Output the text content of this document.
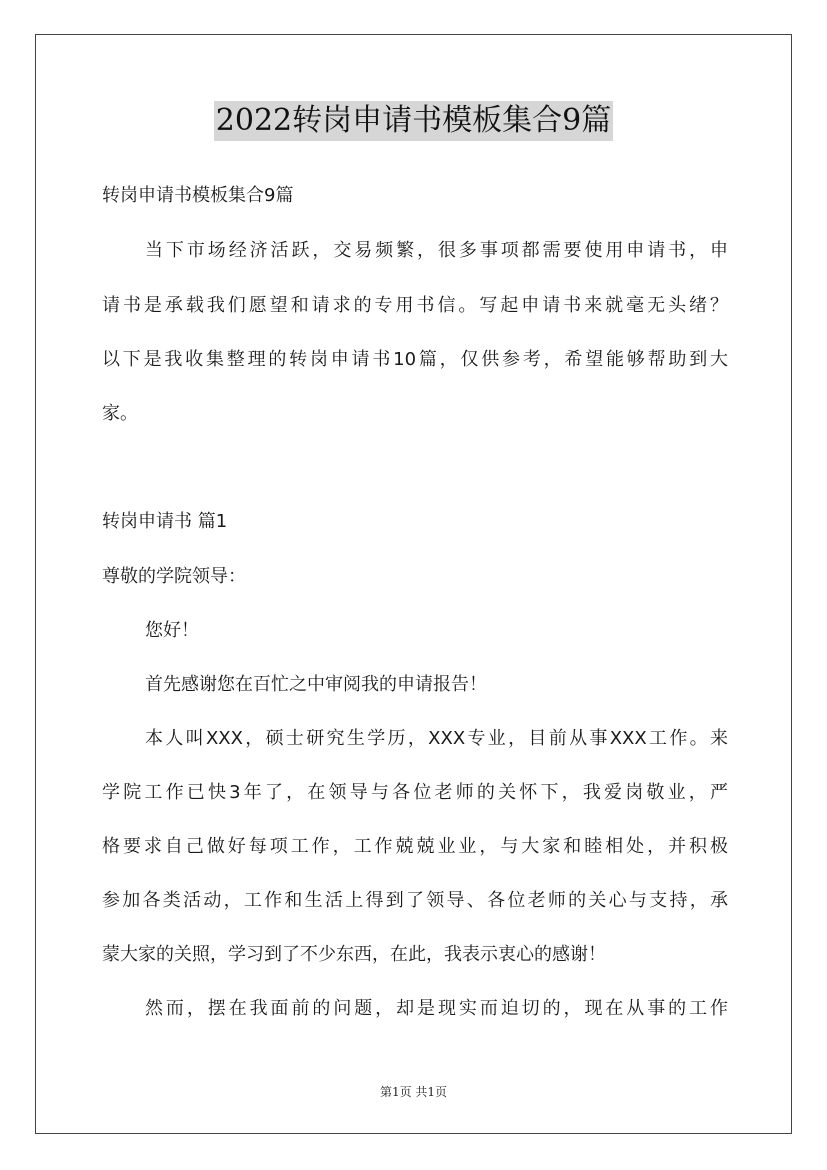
2022转岗申请书模板集合9篇
转岗申请书模板集合9篇
当下市场经济活跃，交易频繁，很多事项都需要使用申请书，申
请书是承载我们愿望和请求的专用书信。写起申请书来就毫无头绪？
以下是我收集整理的转岗申请书10篇，仅供参考，希望能够帮助到大
家。
转岗申请书 篇1
尊敬的学院领导：
您好！
首先感谢您在百忙之中审阅我的申请报告！
本人叫XXX，硕士研究生学历，XXX专业，目前从事XXX工作。来
学院工作已快3年了，在领导与各位老师的关怀下，我爱岗敬业，严
格要求自己做好每项工作，工作兢兢业业，与大家和睦相处，并积极
参加各类活动，工作和生活上得到了领导、各位老师的关心与支持，承
蒙大家的关照，学习到了不少东西，在此，我表示衷心的感谢！
然而，摆在我面前的问题，却是现实而迫切的，现在从事的工作
第1页 共1页
